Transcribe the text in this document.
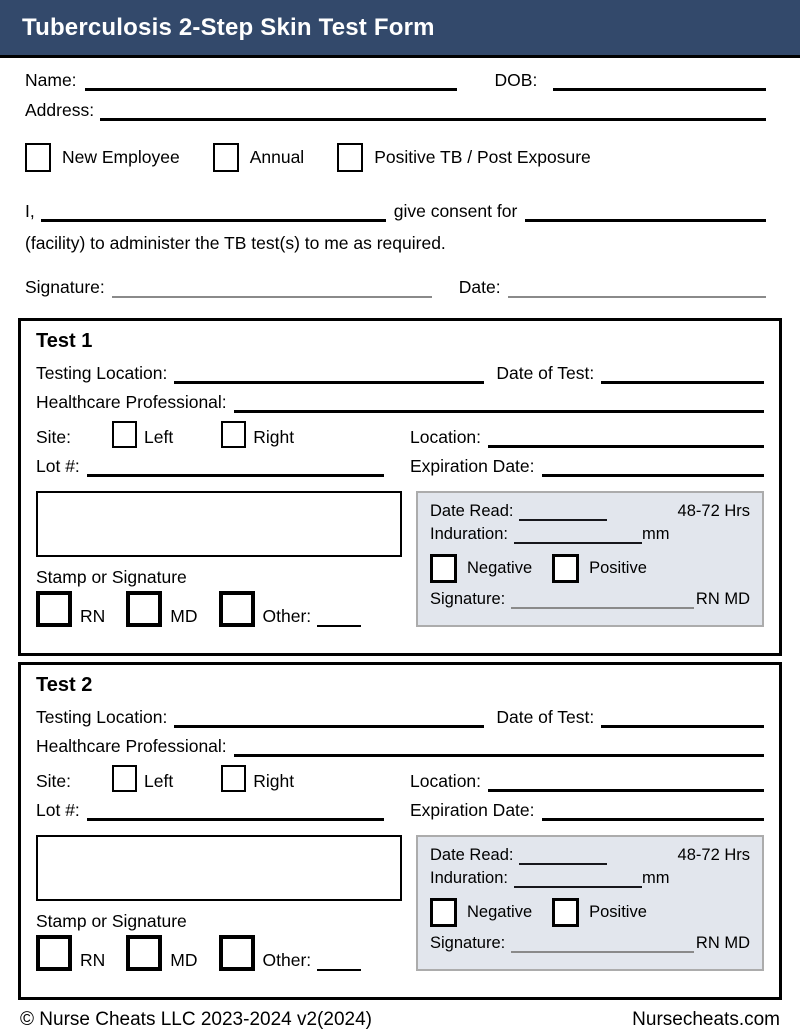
Tuberculosis 2-Step Skin Test Form
Name:	DOB:
Address:
New Employee	Annual	Positive TB / Post Exposure
I,	give consent for
(facility) to administer the TB test(s) to me as required.
Signature:	Date:
Test 1
Testing Location:	Date of Test:
Healthcare Professional:
Site:	Left	Right	Location:
Lot #:	Expiration Date:
Stamp or Signature
RN	MD	Other:
Date Read:	48-72 Hrs
Induration:	mm
Negative	Positive
Signature:	RN MD
Test 2
Testing Location:	Date of Test:
Healthcare Professional:
Site:	Left	Right	Location:
Lot #:	Expiration Date:
Stamp or Signature
RN	MD	Other:
Date Read:	48-72 Hrs
Induration:	mm
Negative	Positive
Signature:	RN MD
© Nurse Cheats LLC 2023-2024 v2(2024)	Nursecheats.com
